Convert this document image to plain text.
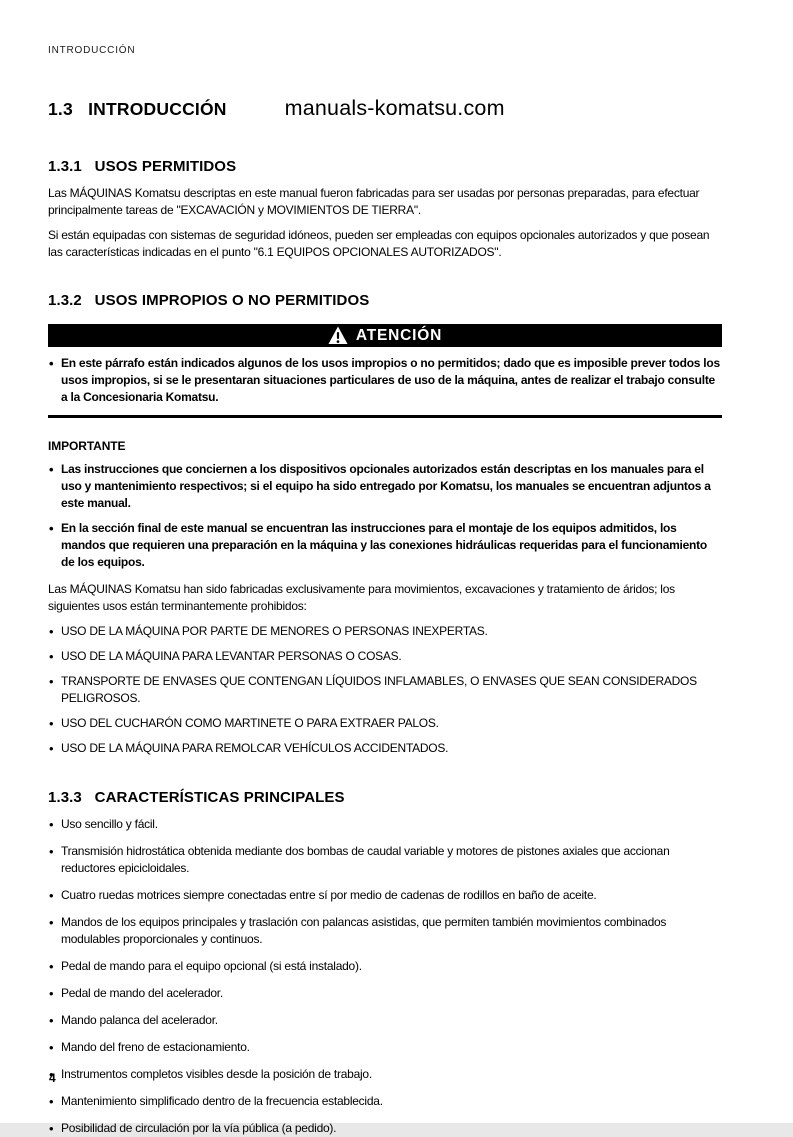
INTRODUCCIÓN
1.3   INTRODUCCIÓN	manuals-komatsu.com
1.3.1   USOS PERMITIDOS

Las MÁQUINAS Komatsu descriptas en este manual fueron fabricadas para ser usadas por personas preparadas, para efectuar principalmente tareas de "EXCAVACIÓN y MOVIMIENTOS DE TIERRA".

Si están equipadas con sistemas de seguridad idóneos, pueden ser empleadas con equipos opcionales autorizados y que posean las características indicadas en el punto "6.1 EQUIPOS OPCIONALES AUTORIZADOS".

1.3.2   USOS IMPROPIOS O NO PERMITIDOS
ATENCIÓN
• En este párrafo están indicados algunos de los usos impropios o no permitidos; dado que es imposible prever todos los usos impropios, si se le presentaran situaciones particulares de uso de la máquina, antes de realizar el trabajo consulte a la Concesionaria Komatsu.
IMPORTANTE
• Las instrucciones que conciernen a los dispositivos opcionales autorizados están descriptas en los manuales para el uso y mantenimiento respectivos; si el equipo ha sido entregado por Komatsu, los manuales se encuentran adjuntos a este manual.
• En la sección final de este manual se encuentran las instrucciones para el montaje de los equipos admitidos, los mandos que requieren una preparación en la máquina y las conexiones hidráulicas requeridas para el funcionamiento de los equipos.

Las MÁQUINAS Komatsu han sido fabricadas exclusivamente para movimientos, excavaciones y tratamiento de áridos; los siguientes usos están terminantemente prohibidos:

• USO DE LA MÁQUINA POR PARTE DE MENORES O PERSONAS INEXPERTAS.
• USO DE LA MÁQUINA PARA LEVANTAR PERSONAS O COSAS.
• TRANSPORTE DE ENVASES QUE CONTENGAN LÍQUIDOS INFLAMABLES, O ENVASES QUE SEAN CONSIDERADOS PELIGROSOS.
• USO DEL CUCHARÓN COMO MARTINETE O PARA EXTRAER PALOS.
• USO DE LA MÁQUINA PARA REMOLCAR VEHÍCULOS ACCIDENTADOS.
1.3.3   CARACTERÍSTICAS PRINCIPALES
• Uso sencillo y fácil.
• Transmisión hidrostática obtenida mediante dos bombas de caudal variable y motores de pistones axiales que accionan reductores epicicloidales.
• Cuatro ruedas motrices siempre conectadas entre sí por medio de cadenas de rodillos en baño de aceite.
• Mandos de los equipos principales y traslación con palancas asistidas, que permiten también movimientos combinados modulables proporcionales y continuos.
• Pedal de mando para el equipo opcional (si está instalado).
• Pedal de mando del acelerador.
• Mando palanca del acelerador.
• Mando del freno de estacionamiento.
• Instrumentos completos visibles desde la posición de trabajo.
• Mantenimiento simplificado dentro de la frecuencia establecida.
• Posibilidad de circulación por la vía pública (a pedido).
4
